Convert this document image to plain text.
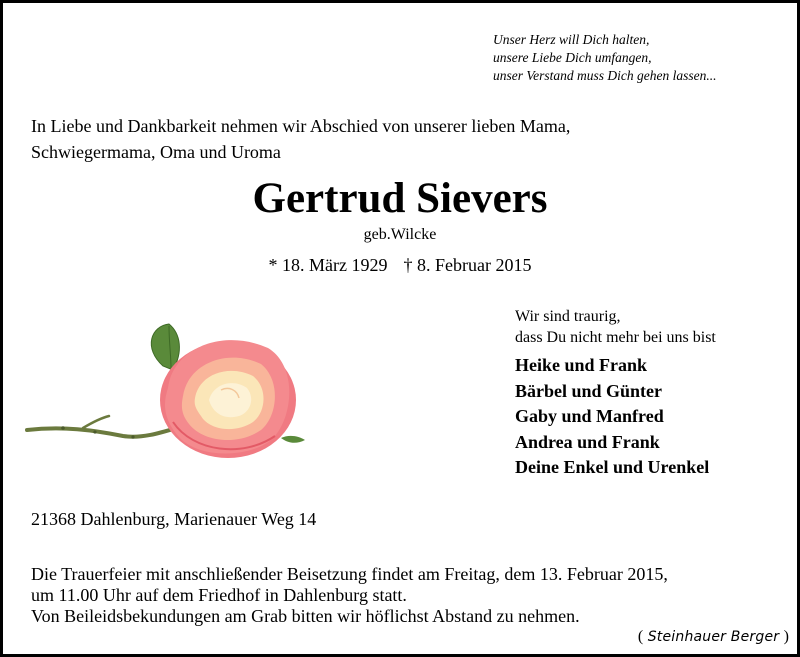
Unser Herz will Dich halten,
unsere Liebe Dich umfangen,
unser Verstand muss Dich gehen lassen...
In Liebe und Dankbarkeit nehmen wir Abschied von unserer lieben Mama,
Schwiegermama, Oma und Uroma
Gertrud Sievers
geb.Wilcke
* 18. März 1929 † 8. Februar 2015
Wir sind traurig,
dass Du nicht mehr bei uns bist
Heike und Frank
Bärbel und Günter
Gaby und Manfred
Andrea und Frank
Deine Enkel und Urenkel
21368 Dahlenburg, Marienauer Weg 14
Die Trauerfeier mit anschließender Beisetzung findet am Freitag, dem 13. Februar 2015,
um 11.00 Uhr auf dem Friedhof in Dahlenburg statt.
Von Beileidsbekundungen am Grab bitten wir höflichst Abstand zu nehmen.
( Steinhauer Berger )
